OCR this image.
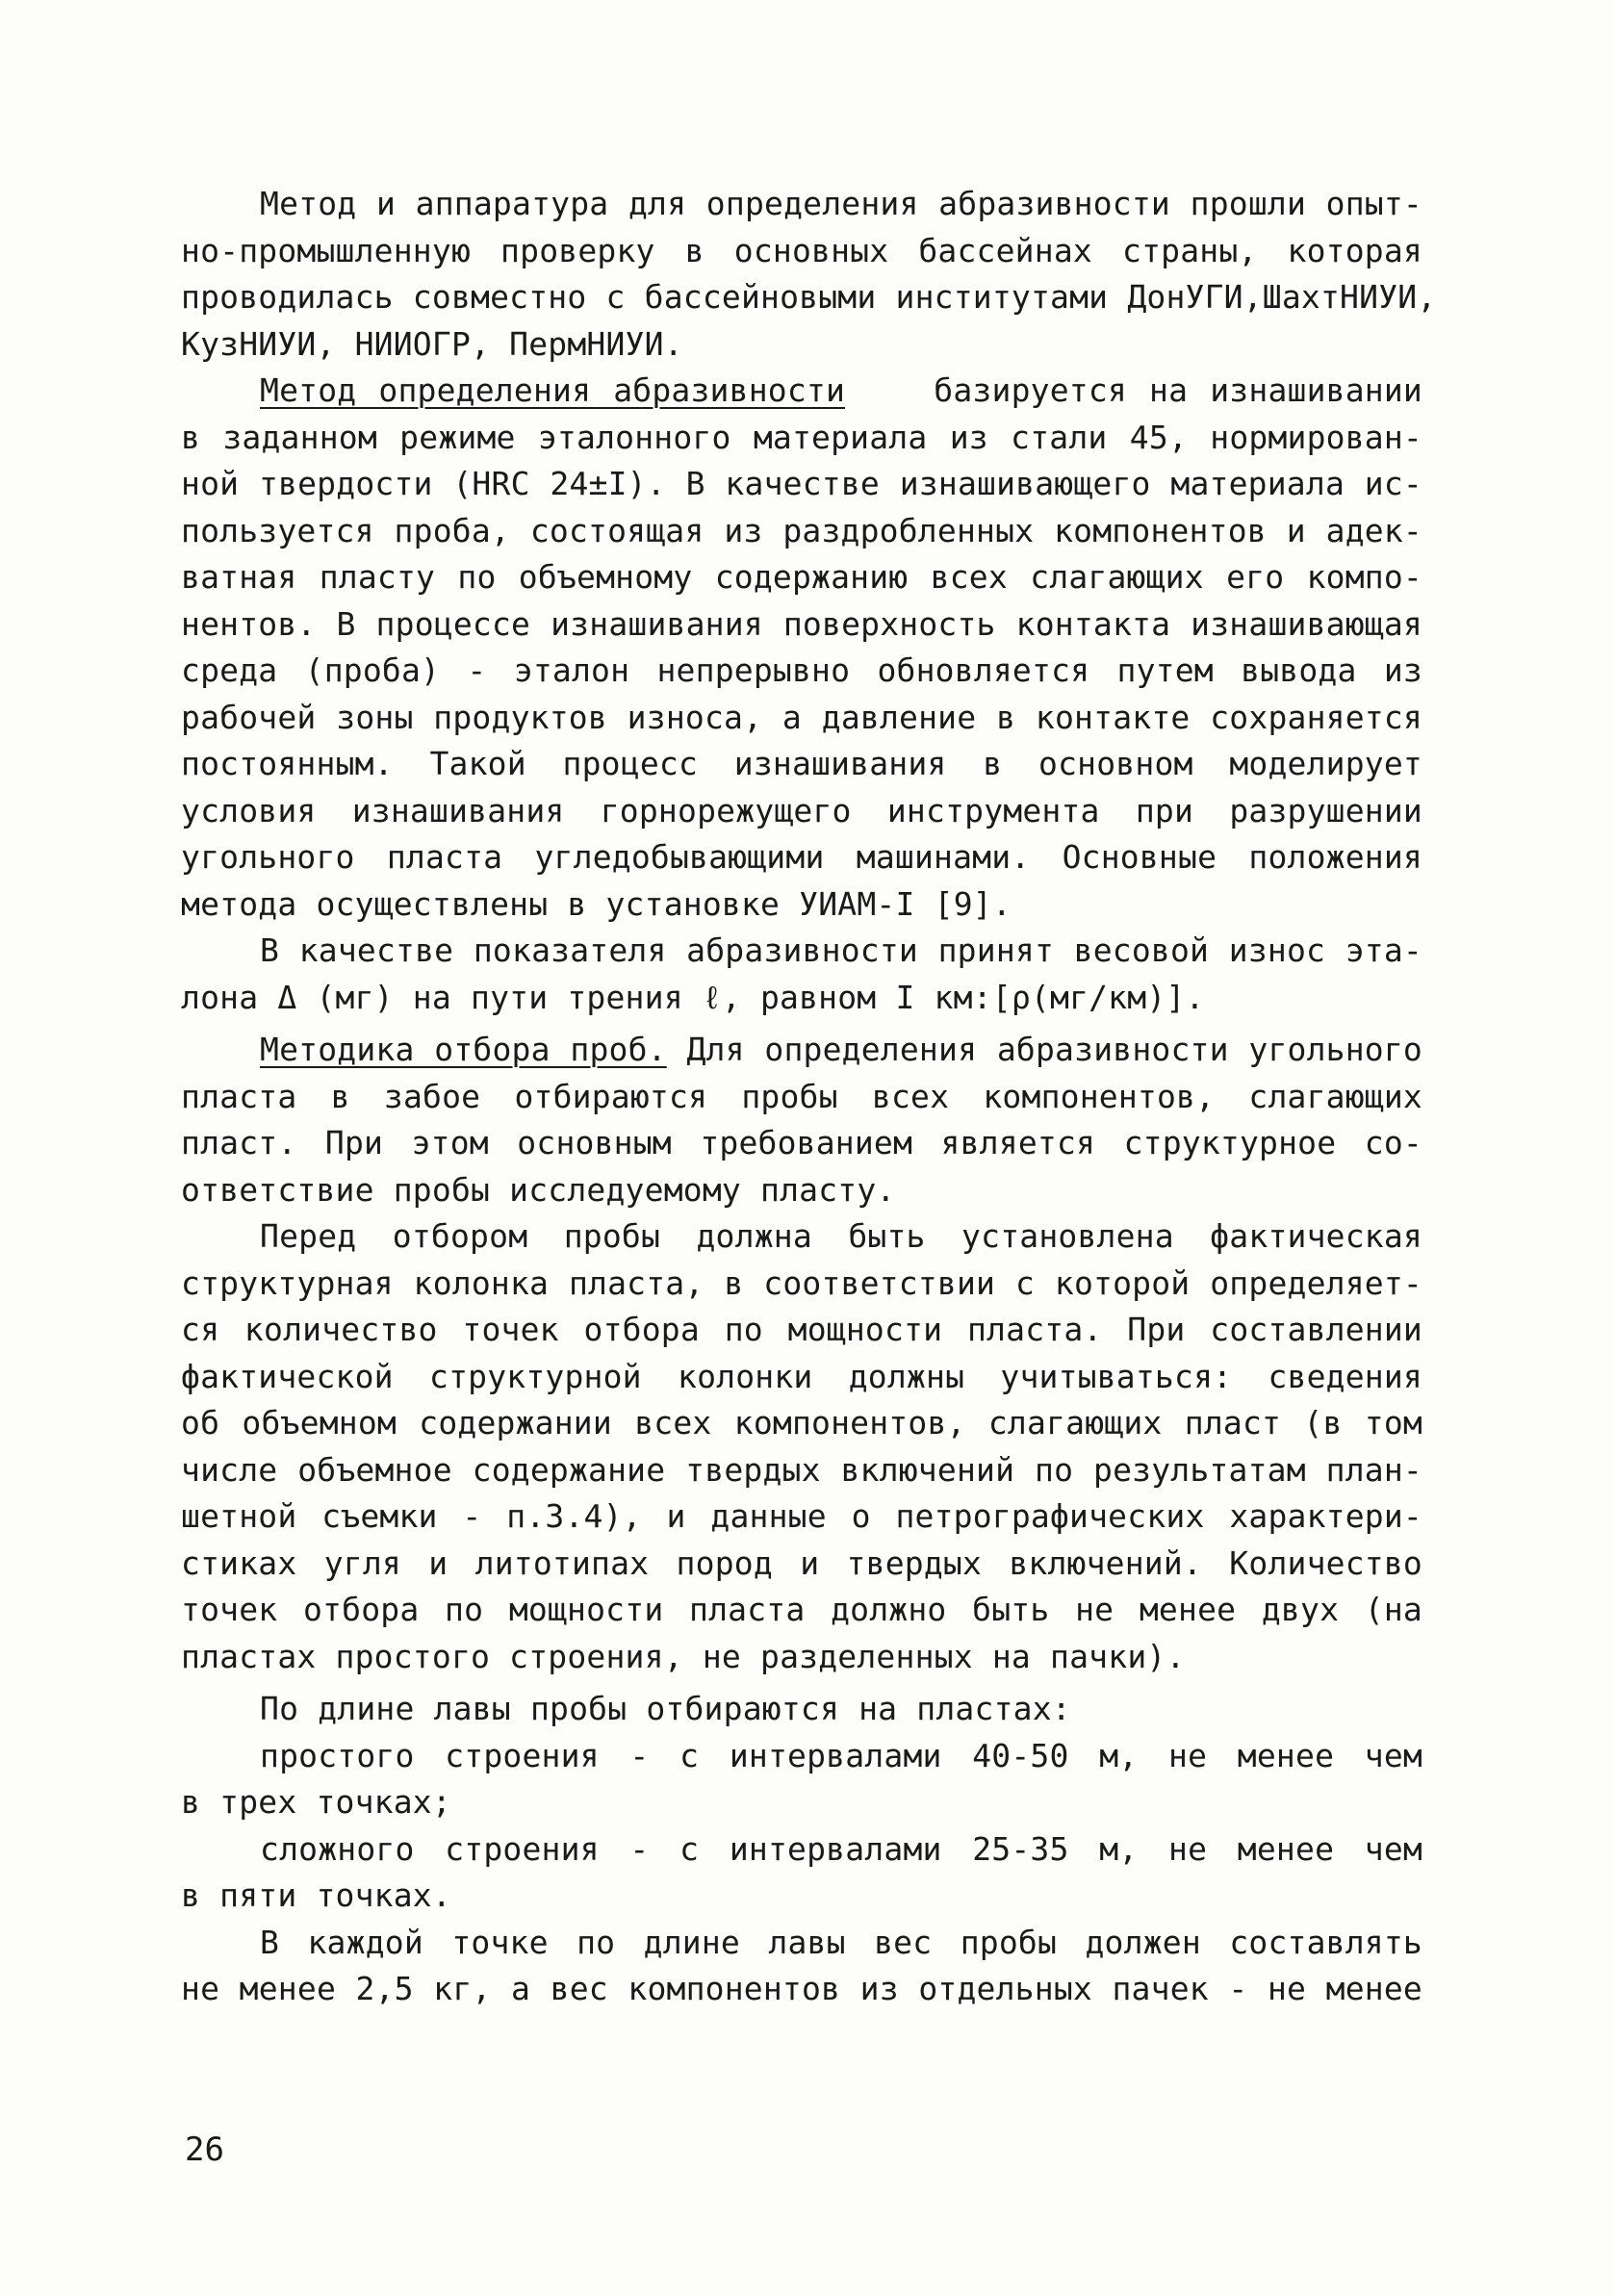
Метод и аппаратура для определения абразивности прошли опыт-
но-промышленную проверку в основных бассейнах страны, которая
проводилась совместно с бассейновыми институтами ДонУГИ,ШахтНИУИ,
КузНИУИ, НИИОГР, ПермНИУИ.
Метод определения абразивности	базируется на изнашивании
в заданном режиме эталонного материала из стали 45, нормирован-
ной твердости (HRC 24±I). В качестве изнашивающего материала ис-
пользуется проба, состоящая из раздробленных компонентов и адек-
ватная пласту по объемному содержанию всех слагающих его компо-
нентов. В процессе изнашивания поверхность контакта изнашивающая
среда (проба) - эталон непрерывно обновляется путем вывода из
рабочей зоны продуктов износа, а давление в контакте сохраняется
постоянным. Такой процесс изнашивания в основном моделирует
условия изнашивания горнорежущего инструмента при разрушении
угольного пласта угледобывающими машинами. Основные положения
метода осуществлены в установке УИАМ-I [9].
В качестве показателя абразивности принят весовой износ эта-
лона Δ (мг) на пути трения ℓ, равном I км:[ρ(мг/км)].
Методика отбора проб. Для определения абразивности угольного
пласта в забое отбираются пробы всех компонентов, слагающих
пласт. При этом основным требованием является структурное со-
ответствие пробы исследуемому пласту.
Перед отбором пробы должна быть установлена фактическая
структурная колонка пласта, в соответствии с которой определяет-
ся количество точек отбора по мощности пласта. При составлении
фактической структурной колонки должны учитываться: сведения
об объемном содержании всех компонентов, слагающих пласт (в том
числе объемное содержание твердых включений по результатам план-
шетной съемки - п.3.4), и данные о петрографических характери-
стиках угля и литотипах пород и твердых включений. Количество
точек отбора по мощности пласта должно быть не менее двух (на
пластах простого строения, не разделенных на пачки).
По длине лавы пробы отбираются на пластах:
простого строения - с интервалами 40-50 м, не менее чем
в трех точках;
сложного строения - с интервалами 25-35 м, не менее чем
в пяти точках.
В каждой точке по длине лавы вес пробы должен составлять
не менее 2,5 кг, а вес компонентов из отдельных пачек - не менее
26
